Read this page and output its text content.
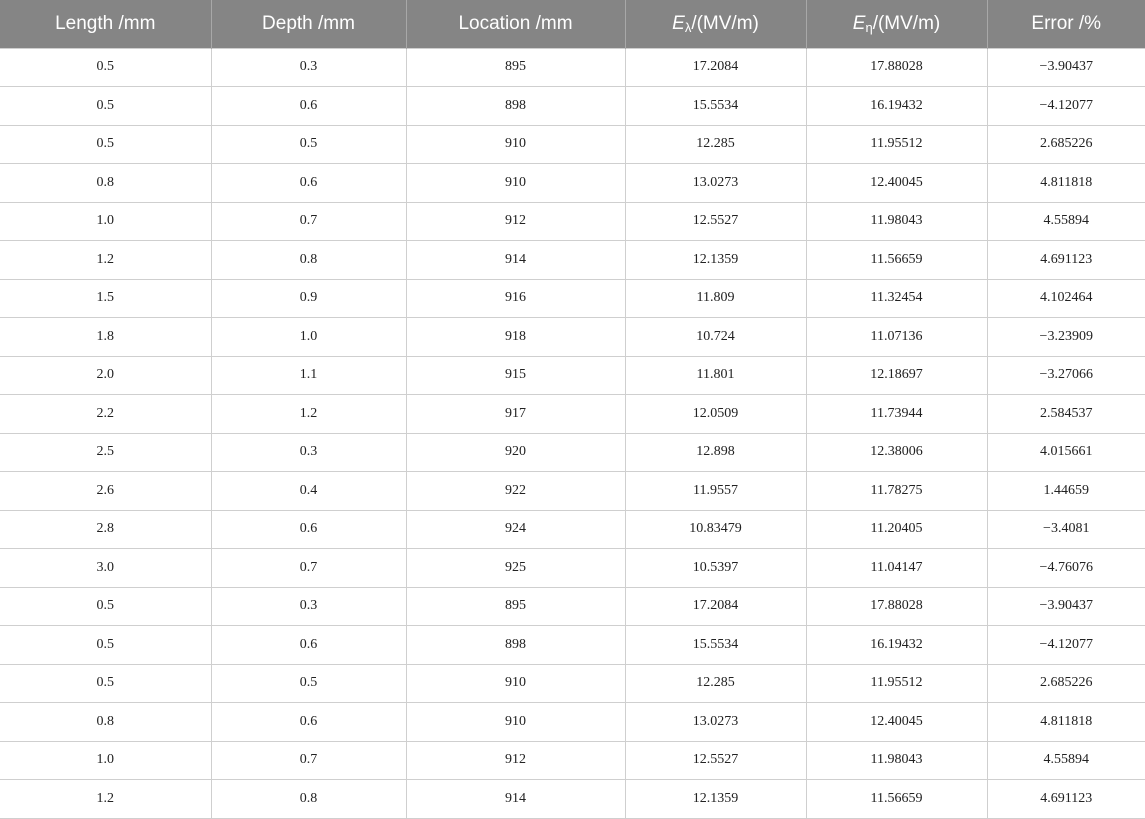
Length /mm	Depth /mm	Location /mm	$E_\lambda/(MV/m)$	$E_\eta/(MV/m)$	Error /%
0.5	0.3	895	17.2084	17.88028	−3.90437
0.5	0.6	898	15.5534	16.19432	−4.12077
0.5	0.5	910	12.285	11.95512	2.685226
0.8	0.6	910	13.0273	12.40045	4.811818
1.0	0.7	912	12.5527	11.98043	4.55894
1.2	0.8	914	12.1359	11.56659	4.691123
1.5	0.9	916	11.809	11.32454	4.102464
1.8	1.0	918	10.724	11.07136	−3.23909
2.0	1.1	915	11.801	12.18697	−3.27066
2.2	1.2	917	12.0509	11.73944	2.584537
2.5	0.3	920	12.898	12.38006	4.015661
2.6	0.4	922	11.9557	11.78275	1.44659
2.8	0.6	924	10.83479	11.20405	−3.4081
3.0	0.7	925	10.5397	11.04147	−4.76076
0.5	0.3	895	17.2084	17.88028	−3.90437
0.5	0.6	898	15.5534	16.19432	−4.12077
0.5	0.5	910	12.285	11.95512	2.685226
0.8	0.6	910	13.0273	12.40045	4.811818
1.0	0.7	912	12.5527	11.98043	4.55894
1.2	0.8	914	12.1359	11.56659	4.691123
